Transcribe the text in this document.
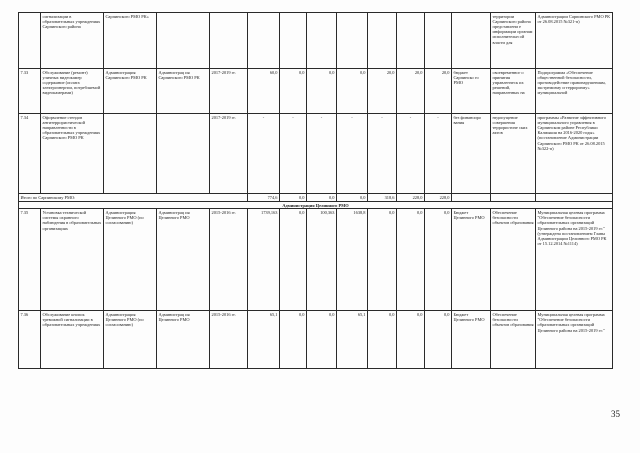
	сигнализации в образовательных учреждениях Сарпинского района	Сарпинского РМО РК»											территории Сарпинского района представлени е информации органам исполнительн ой власти для	Администрации Сарпинского РМО РК от 26.08.2015 №321-п)
7.33	Обслуживание (ремонт) уличных видеокамер содержание (оплата электроэнергии, потребляемой видеокамерами)	Администрация Сарпинского РМО РК	Администрац ия Сарпинского РМО РК	2017-2019 гг.	60,0	0,0	0,0	0,0	20,0	20,0	20,0	бюджет Сарпинско го РМО	своевременног о принятия управленческ их решений, направленных на	Подпрограмма «Обеспечение общественной безопасности, противодействие правонарушениям, экстремизму и терроризму» муниципальной
7.34	Оформление стендов антитеррористической направленности в образовательных учреждениях Сарпинского РМО РК			2017-2019 гг.	-	-	-	-	-	-	-	без финансиро вания	недопущение совершения террористиче ских актов	программы «Развитие эффективного муниципального управления в Сарпинском районе Республики Калмыкия на 2016-2020 годы» (постановление Администрации Сарпинского РМО РК от 26.08.2015 №322-п)
Итого по Сарпинскому РМО:					774,6	0,0	0,0	0,0	318,6	228,0	228,0			
Администрация Целинного РМО														
7.35	Установка технической системы охранного наблюдения в образовательных организациях	Администрация Целинного РМО (по согласованию)	Администрац ия Целинного РМО	2015-2016 гг.	1739,163	0,0	100,363	1638,8	0,0	0,0	0,0	Бюджет Целинного РМО	Обеспечение безопасности объектов образования	Муниципальная целевая программа "Обеспечение безопасности образовательных организаций Целинного района на 2015-2019 гг." (утверждена постановлением Главы Администрации Целинного РМО РК от 15.12.2014 №1114)
7.36	Обслуживание кнопок тревожной сигнализации в образовательных учреждениях	Администрация Целинного РМО (по согласованию)	Администрац ия Целинного РМО	2015-2016 гг.	65,1	0,0	0,0	65,1	0,0	0,0	0,0	Бюджет Целинного РМО	Обеспечение безопасности объектов образования	Муниципальная целевая программа "Обеспечение безопасности образовательных организаций Целинного района на 2015-2019 гг."
35
